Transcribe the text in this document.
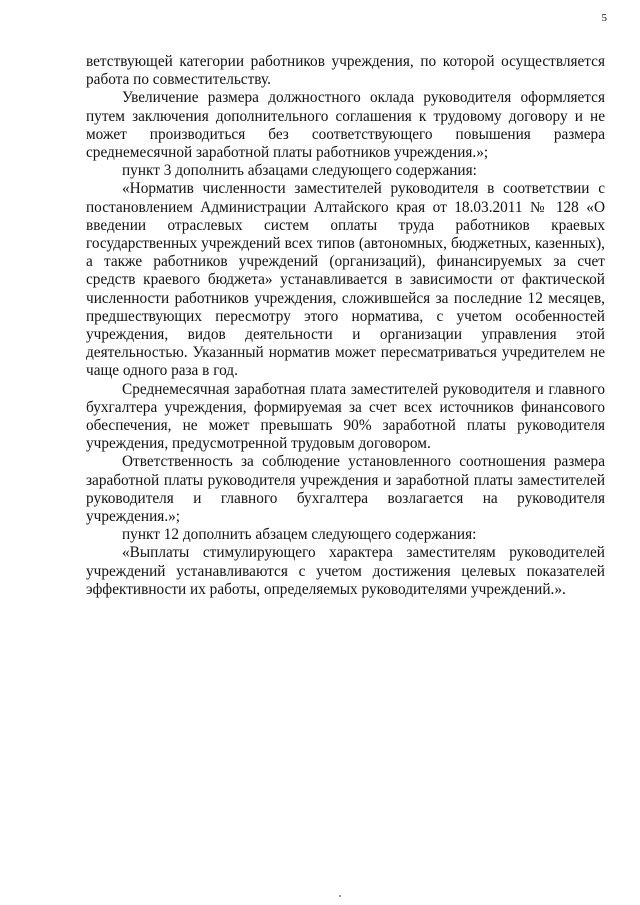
5

ветствующей категории работников учреждения, по которой осуществляется работа по совместительству.

Увеличение размера должностного оклада руководителя оформляется путем заключения дополнительного соглашения к трудовому договору и не может производиться без соответствующего повышения размера среднемесячной заработной платы работников учреждения.»;

пункт 3 дополнить абзацами следующего содержания:

«Норматив численности заместителей руководителя в соответствии с постановлением Администрации Алтайского края от 18.03.2011 № 128 «О введении отраслевых систем оплаты труда работников краевых государственных учреждений всех типов (автономных, бюджетных, казенных), а также работников учреждений (организаций), финансируемых за счет средств краевого бюджета» устанавливается в зависимости от фактической численности работников учреждения, сложившейся за последние 12 месяцев, предшествующих пересмотру этого норматива, с учетом особенностей учреждения, видов деятельности и организации управления этой деятельностью. Указанный норматив может пересматриваться учредителем не чаще одного раза в год.

Среднемесячная заработная плата заместителей руководителя и главного бухгалтера учреждения, формируемая за счет всех источников финансового обеспечения, не может превышать 90% заработной платы руководителя учреждения, предусмотренной трудовым договором.

Ответственность за соблюдение установленного соотношения размера заработной платы руководителя учреждения и заработной платы заместителей руководителя и главного бухгалтера возлагается на руководителя учреждения.»;

пункт 12 дополнить абзацем следующего содержания:

«Выплаты стимулирующего характера заместителям руководителей учреждений устанавливаются с учетом достижения целевых показателей эффективности их работы, определяемых руководителями учреждений.».
